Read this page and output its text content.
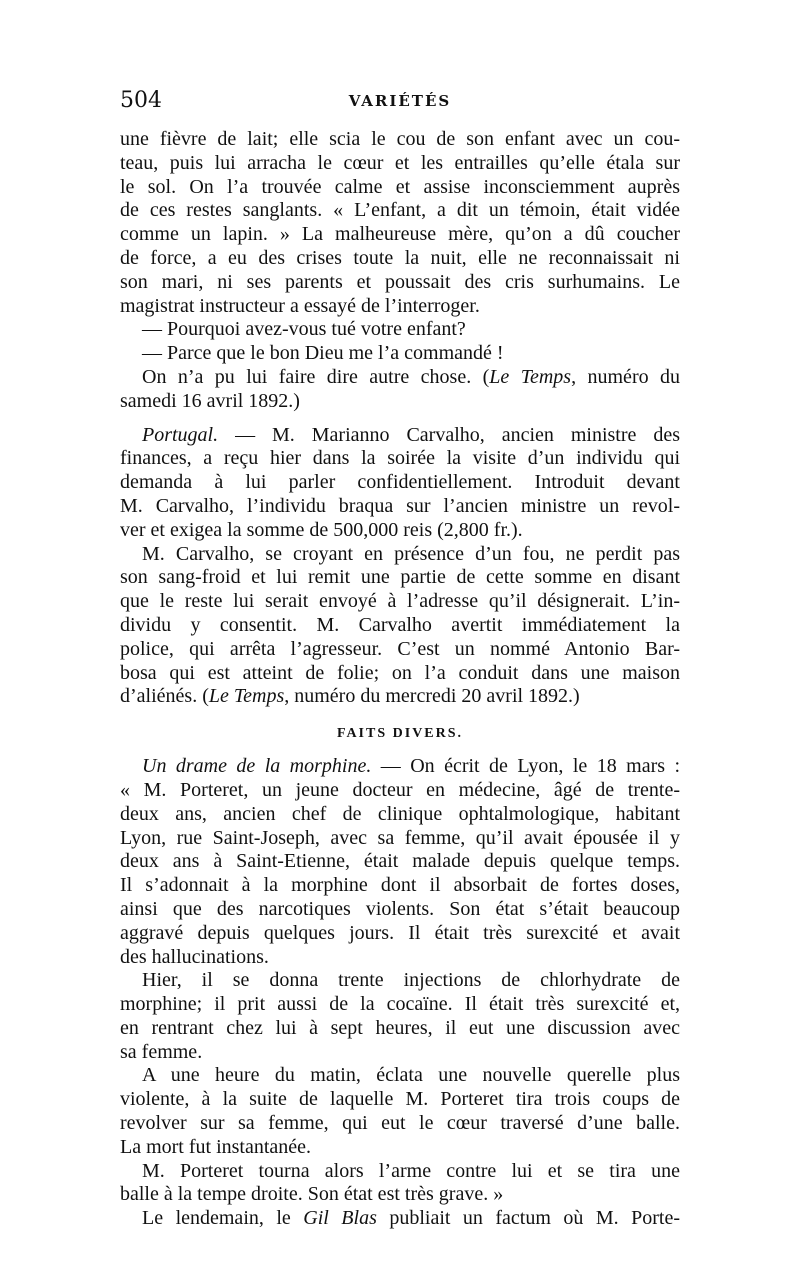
504	VARIÉTÉS
une fièvre de lait; elle scia le cou de son enfant avec un cou-
teau, puis lui arracha le cœur et les entrailles qu’elle étala sur
le sol. On l’a trouvée calme et assise inconsciemment auprès
de ces restes sanglants. « L’enfant, a dit un témoin, était vidée
comme un lapin. » La malheureuse mère, qu’on a dû coucher
de force, a eu des crises toute la nuit, elle ne reconnaissait ni
son mari, ni ses parents et poussait des cris surhumains. Le
magistrat instructeur a essayé de l’interroger.
— Pourquoi avez-vous tué votre enfant?
— Parce que le bon Dieu me l’a commandé !
On n’a pu lui faire dire autre chose. (Le Temps, numéro du
samedi 16 avril 1892.)
Portugal. — M. Marianno Carvalho, ancien ministre des
finances, a reçu hier dans la soirée la visite d’un individu qui
demanda à lui parler confidentiellement. Introduit devant
M. Carvalho, l’individu braqua sur l’ancien ministre un revol-
ver et exigea la somme de 500,000 reis (2,800 fr.).
M. Carvalho, se croyant en présence d’un fou, ne perdit pas
son sang-froid et lui remit une partie de cette somme en disant
que le reste lui serait envoyé à l’adresse qu’il désignerait. L’in-
dividu y consentit. M. Carvalho avertit immédiatement la
police, qui arrêta l’agresseur. C’est un nommé Antonio Bar-
bosa qui est atteint de folie; on l’a conduit dans une maison
d’aliénés. (Le Temps, numéro du mercredi 20 avril 1892.)
FAITS DIVERS.
Un drame de la morphine. — On écrit de Lyon, le 18 mars :
« M. Porteret, un jeune docteur en médecine, âgé de trente-
deux ans, ancien chef de clinique ophtalmologique, habitant
Lyon, rue Saint-Joseph, avec sa femme, qu’il avait épousée il y
deux ans à Saint-Etienne, était malade depuis quelque temps.
Il s’adonnait à la morphine dont il absorbait de fortes doses,
ainsi que des narcotiques violents. Son état s’était beaucoup
aggravé depuis quelques jours. Il était très surexcité et avait
des hallucinations.
Hier, il se donna trente injections de chlorhydrate de
morphine; il prit aussi de la cocaïne. Il était très surexcité et,
en rentrant chez lui à sept heures, il eut une discussion avec
sa femme.
A une heure du matin, éclata une nouvelle querelle plus
violente, à la suite de laquelle M. Porteret tira trois coups de
revolver sur sa femme, qui eut le cœur traversé d’une balle.
La mort fut instantanée.
M. Porteret tourna alors l’arme contre lui et se tira une
balle à la tempe droite. Son état est très grave. »
Le lendemain, le Gil Blas publiait un factum où M. Porte-
